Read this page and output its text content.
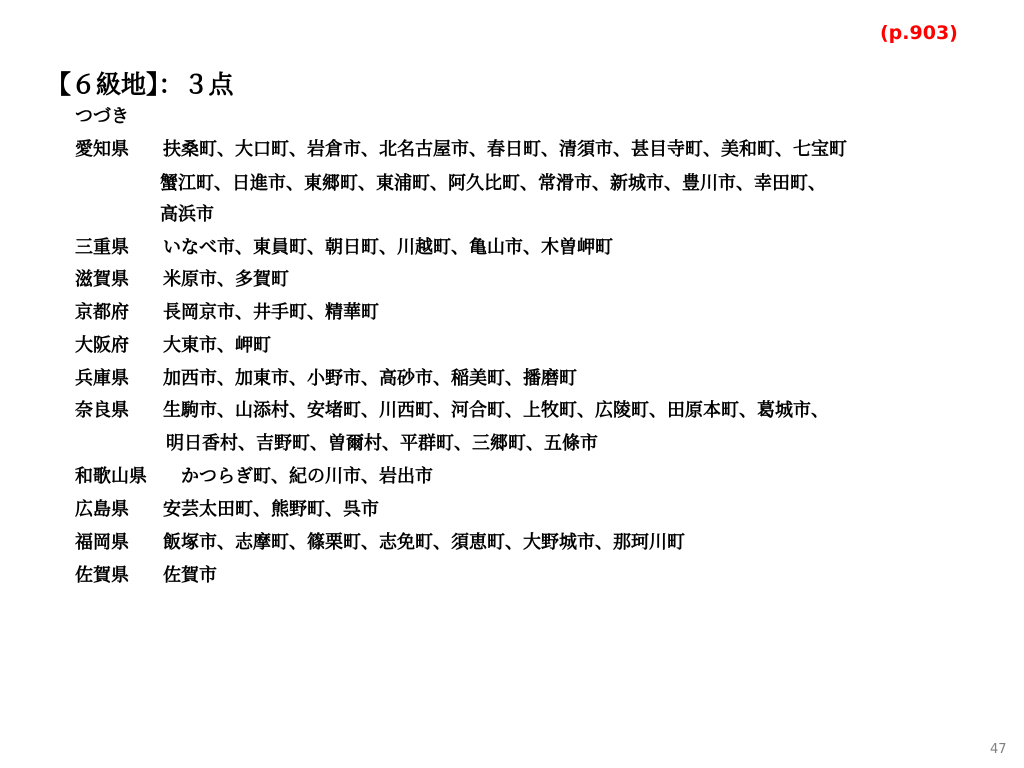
(p.903)
【６級地】：３点
つづき
愛知県 扶桑町、大口町、岩倉市、北名古屋市、春日町、清須市、甚目寺町、美和町、七宝町
蟹江町、日進市、東郷町、東浦町、阿久比町、常滑市、新城市、豊川市、幸田町、
高浜市
三重県 いなべ市、東員町、朝日町、川越町、亀山市、木曽岬町
滋賀県 米原市、多賀町
京都府 長岡京市、井手町、精華町
大阪府 大東市、岬町
兵庫県 加西市、加東市、小野市、高砂市、稲美町、播磨町
奈良県 生駒市、山添村、安堵町、川西町、河合町、上牧町、広陵町、田原本町、葛城市、
明日香村、吉野町、曽爾村、平群町、三郷町、五條市
和歌山県 かつらぎ町、紀の川市、岩出市
広島県 安芸太田町、熊野町、呉市
福岡県 飯塚市、志摩町、篠栗町、志免町、須恵町、大野城市、那珂川町
佐賀県 佐賀市
47
